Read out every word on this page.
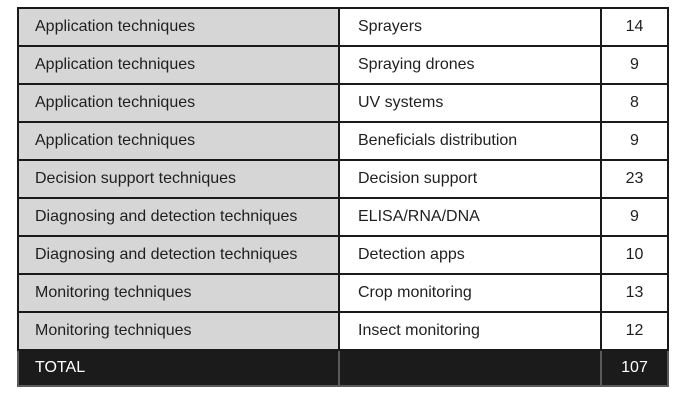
Application techniques	Sprayers	14
Application techniques	Spraying drones	9
Application techniques	UV systems	8
Application techniques	Beneficials distribution	9
Decision support techniques	Decision support	23
Diagnosing and detection techniques	ELISA/RNA/DNA	9
Diagnosing and detection techniques	Detection apps	10
Monitoring techniques	Crop monitoring	13
Monitoring techniques	Insect monitoring	12
TOTAL		107
